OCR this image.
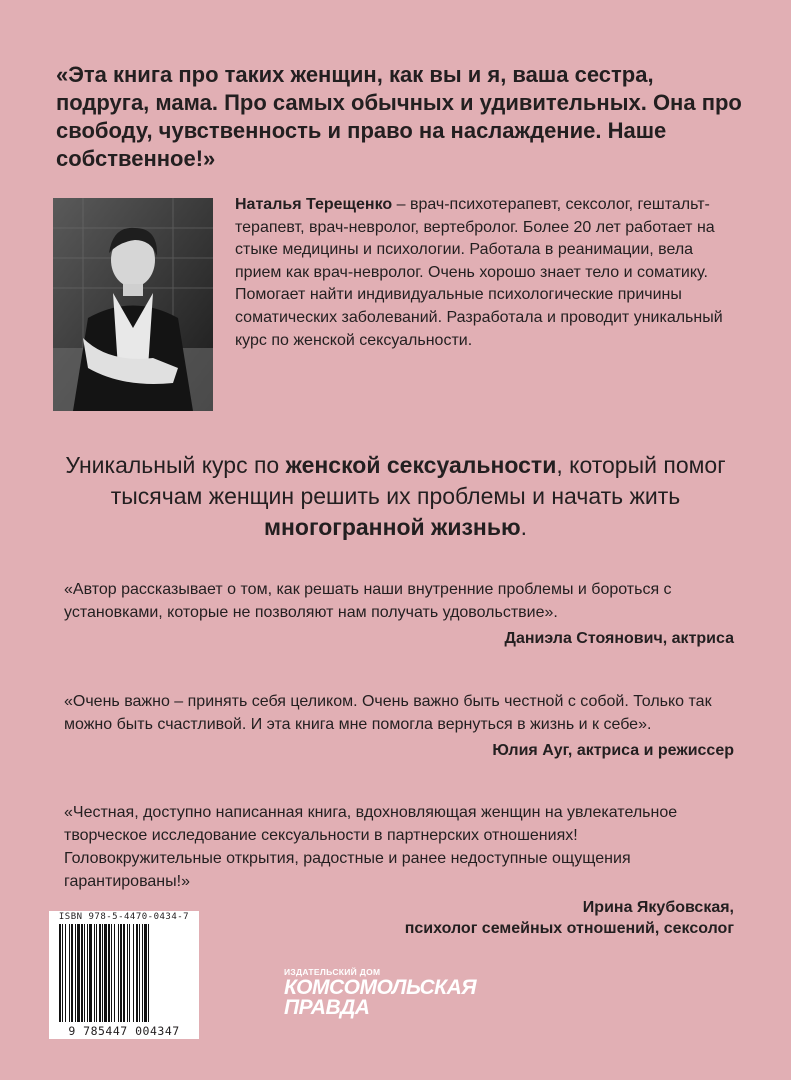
«Эта книга про таких женщин, как вы и я, ваша сестра, подруга, мама. Про самых обычных и удивительных. Она про свободу, чувственность и право на наслаждение. Наше собственное!»
Наталья Терещенко – врач-психотерапевт, сексолог, гештальт-терапевт, врач-невролог, вертебролог. Более 20 лет работает на стыке медицины и психологии. Работала в реанимации, вела прием как врач-невролог. Очень хорошо знает тело и соматику. Помогает найти индивидуальные психологические причины соматических заболеваний. Разработала и проводит уникальный курс по женской сексуальности.
Уникальный курс по женской сексуальности, который помог тысячам женщин решить их проблемы и начать жить многогранной жизнью.
«Автор рассказывает о том, как решать наши внутренние проблемы и бороться с установками, которые не позволяют нам получать удовольствие».
Даниэла Стоянович, актриса
«Очень важно – принять себя целиком. Очень важно быть честной с собой. Только так можно быть счастливой. И эта книга мне помогла вернуться в жизнь и к себе».
Юлия Ауг, актриса и режиссер
«Честная, доступно написанная книга, вдохновляющая женщин на увлекательное творческое исследование сексуальности в партнерских отношениях! Головокружительные открытия, радостные и ранее недоступные ощущения гарантированы!»
Ирина Якубовская,
психолог семейных отношений, сексолог
ISBN 978-5-4470-0434-7
9 785447 004347
ИЗДАТЕЛЬСКИЙ ДОМ
КОМСОМОЛЬСКАЯ
ПРАВДА
